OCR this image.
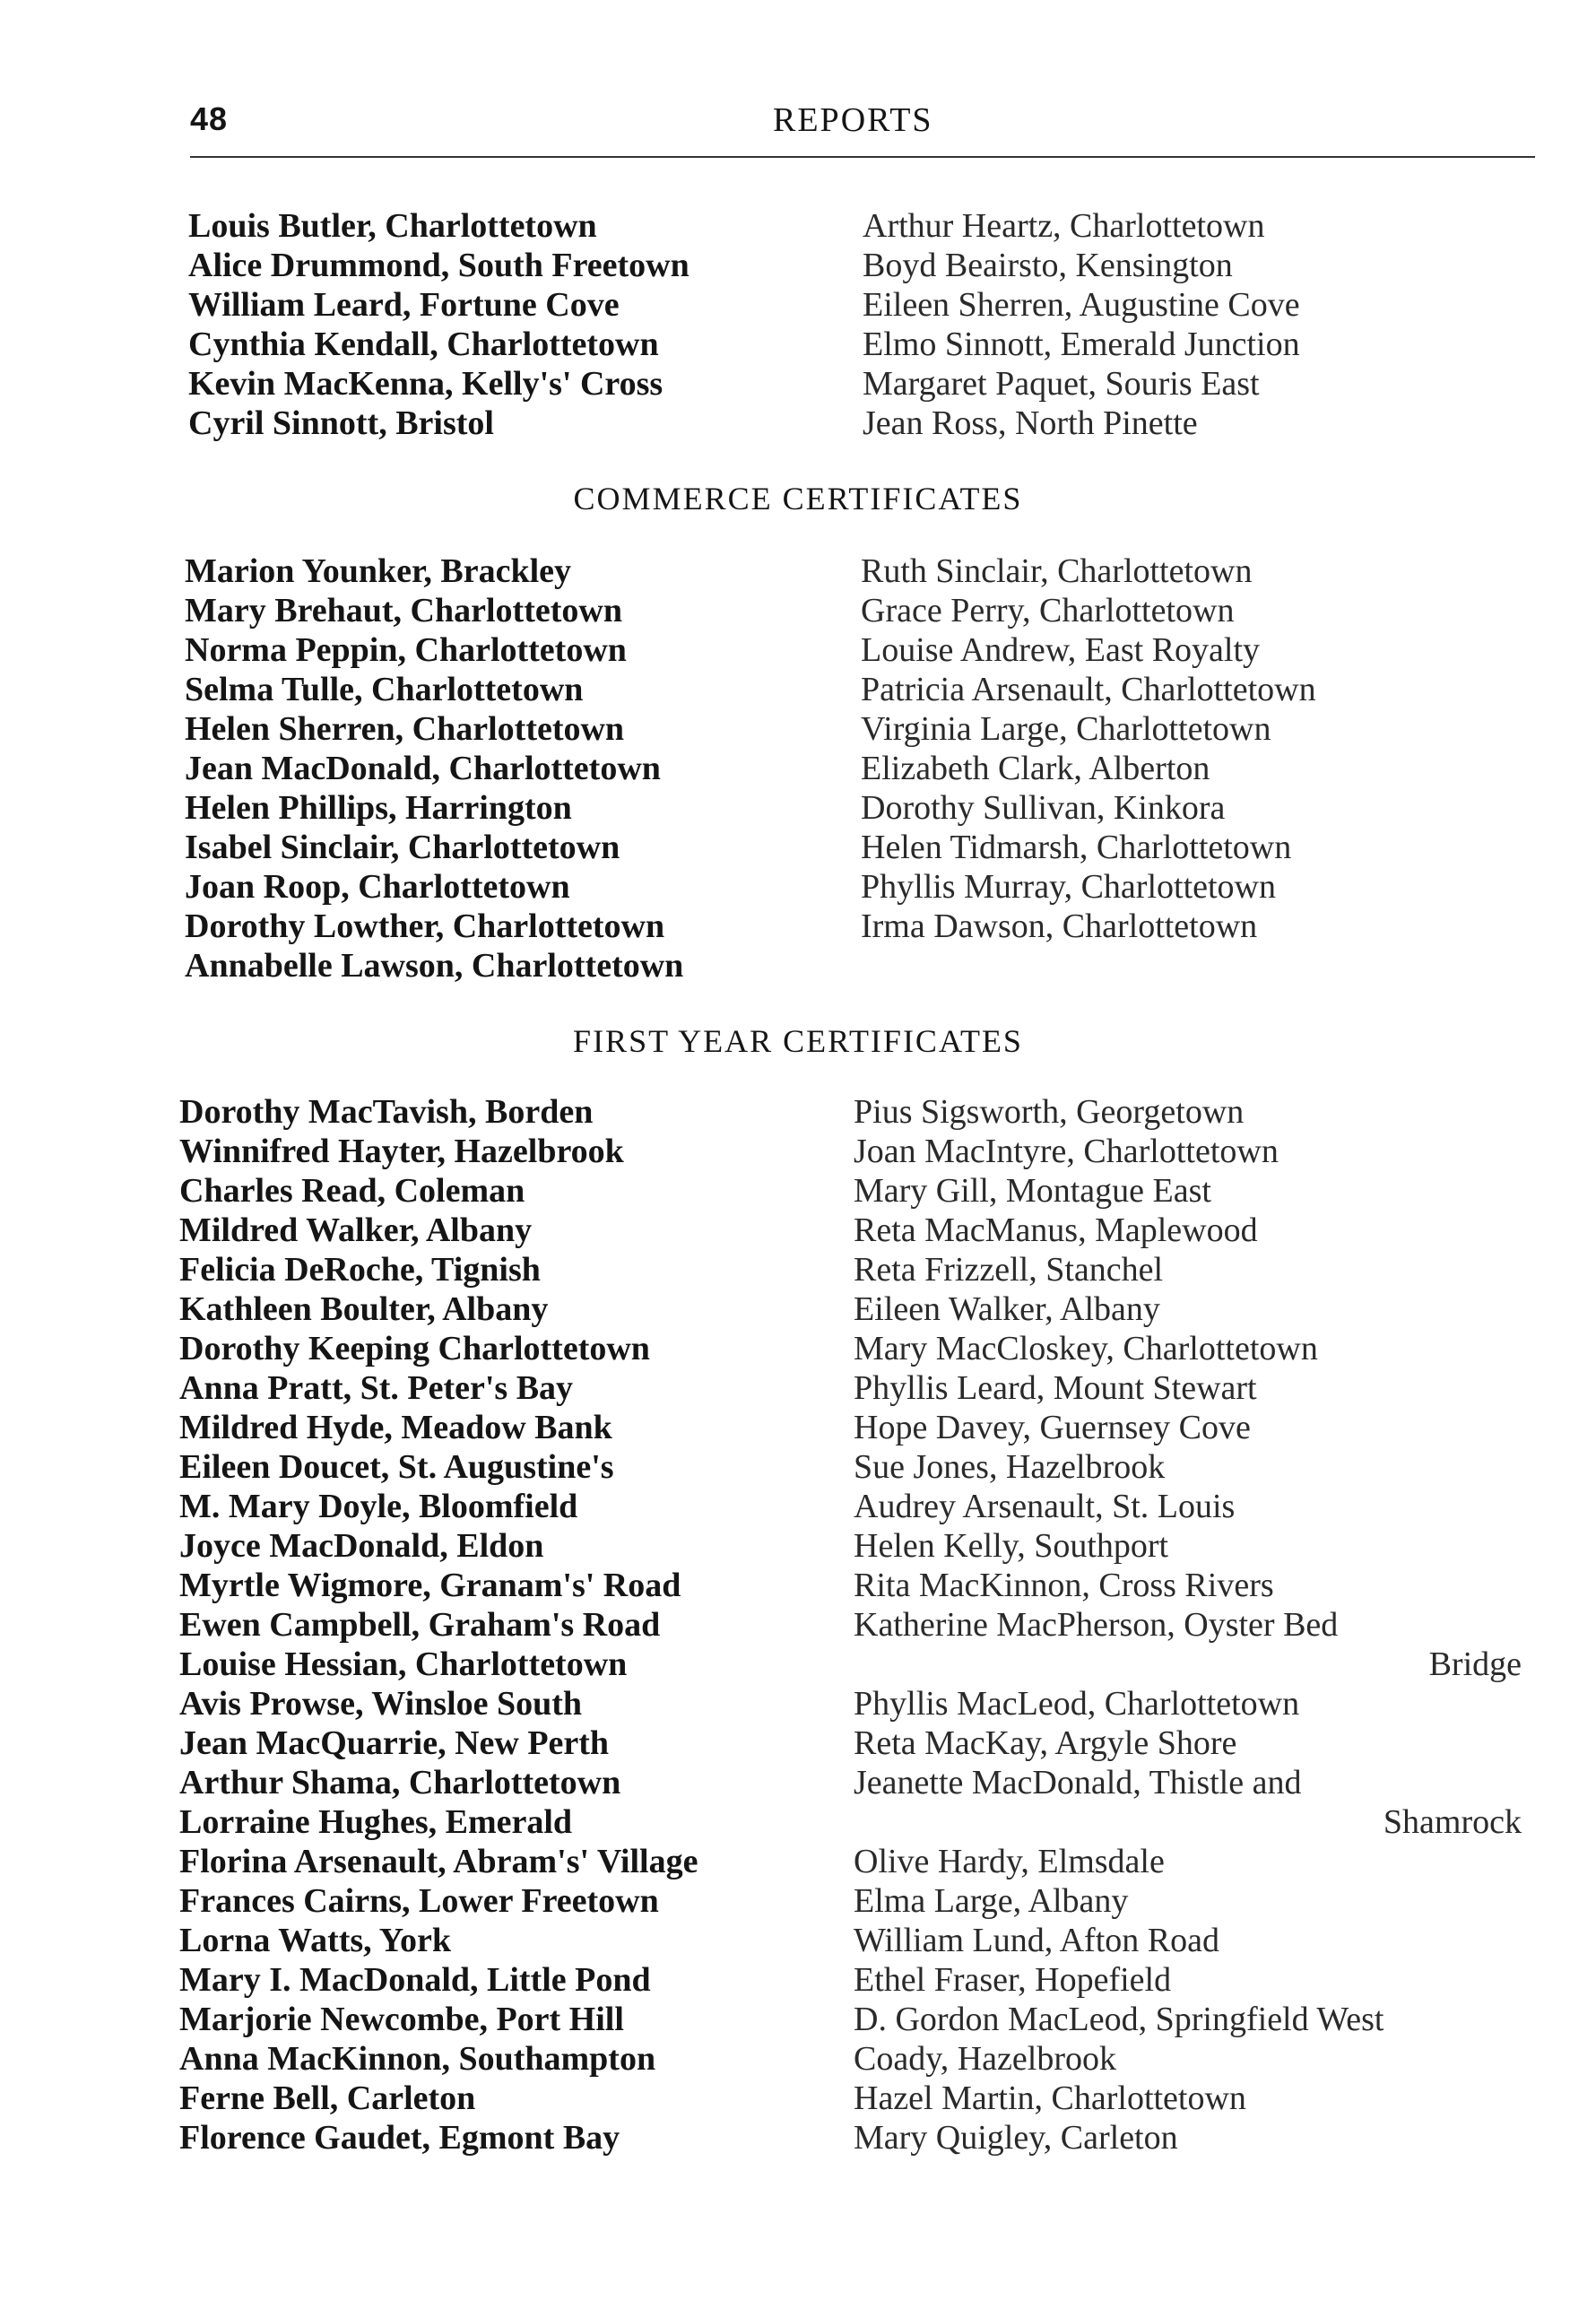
48	REPORTS
Louis Butler, Charlottetown
Alice Drummond, South Freetown
William Leard, Fortune Cove
Cynthia Kendall, Charlottetown
Kevin MacKenna, Kelly's' Cross
Cyril Sinnott, Bristol
Arthur Heartz, Charlottetown
Boyd Beairsto, Kensington
Eileen Sherren, Augustine Cove
Elmo Sinnott, Emerald Junction
Margaret Paquet, Souris East
Jean Ross, North Pinette
COMMERCE CERTIFICATES
Marion Younker, Brackley
Mary Brehaut, Charlottetown
Norma Peppin, Charlottetown
Selma Tulle, Charlottetown
Helen Sherren, Charlottetown
Jean MacDonald, Charlottetown
Helen Phillips, Harrington
Isabel Sinclair, Charlottetown
Joan Roop, Charlottetown
Dorothy Lowther, Charlottetown
Annabelle Lawson, Charlottetown
Ruth Sinclair, Charlottetown
Grace Perry, Charlottetown
Louise Andrew, East Royalty
Patricia Arsenault, Charlottetown
Virginia Large, Charlottetown
Elizabeth Clark, Alberton
Dorothy Sullivan, Kinkora
Helen Tidmarsh, Charlottetown
Phyllis Murray, Charlottetown
Irma Dawson, Charlottetown
FIRST YEAR CERTIFICATES
Dorothy MacTavish, Borden
Winnifred Hayter, Hazelbrook
Charles Read, Coleman
Mildred Walker, Albany
Felicia DeRoche, Tignish
Kathleen Boulter, Albany
Dorothy Keeping Charlottetown
Anna Pratt, St. Peter's Bay
Mildred Hyde, Meadow Bank
Eileen Doucet, St. Augustine's
M. Mary Doyle, Bloomfield
Joyce MacDonald, Eldon
Myrtle Wigmore, Granam's' Road
Ewen Campbell, Graham's Road
Louise Hessian, Charlottetown
Avis Prowse, Winsloe South
Jean MacQuarrie, New Perth
Arthur Shama, Charlottetown
Lorraine Hughes, Emerald
Florina Arsenault, Abram's' Village
Frances Cairns, Lower Freetown
Lorna Watts, York
Mary I. MacDonald, Little Pond
Marjorie Newcombe, Port Hill
Anna MacKinnon, Southampton
Ferne Bell, Carleton
Florence Gaudet, Egmont Bay
Pius Sigsworth, Georgetown
Joan MacIntyre, Charlottetown
Mary Gill, Montague East
Reta MacManus, Maplewood
Reta Frizzell, Stanchel
Eileen Walker, Albany
Mary MacCloskey, Charlottetown
Phyllis Leard, Mount Stewart
Hope Davey, Guernsey Cove
Sue Jones, Hazelbrook
Audrey Arsenault, St. Louis
Helen Kelly, Southport
Rita MacKinnon, Cross Rivers
Katherine MacPherson, Oyster Bed
Bridge
Phyllis MacLeod, Charlottetown
Reta MacKay, Argyle Shore
Jeanette MacDonald, Thistle and
Shamrock
Olive Hardy, Elmsdale
Elma Large, Albany
William Lund, Afton Road
Ethel Fraser, Hopefield
D. Gordon MacLeod, Springfield West
Coady, Hazelbrook
Hazel Martin, Charlottetown
Mary Quigley, Carleton
